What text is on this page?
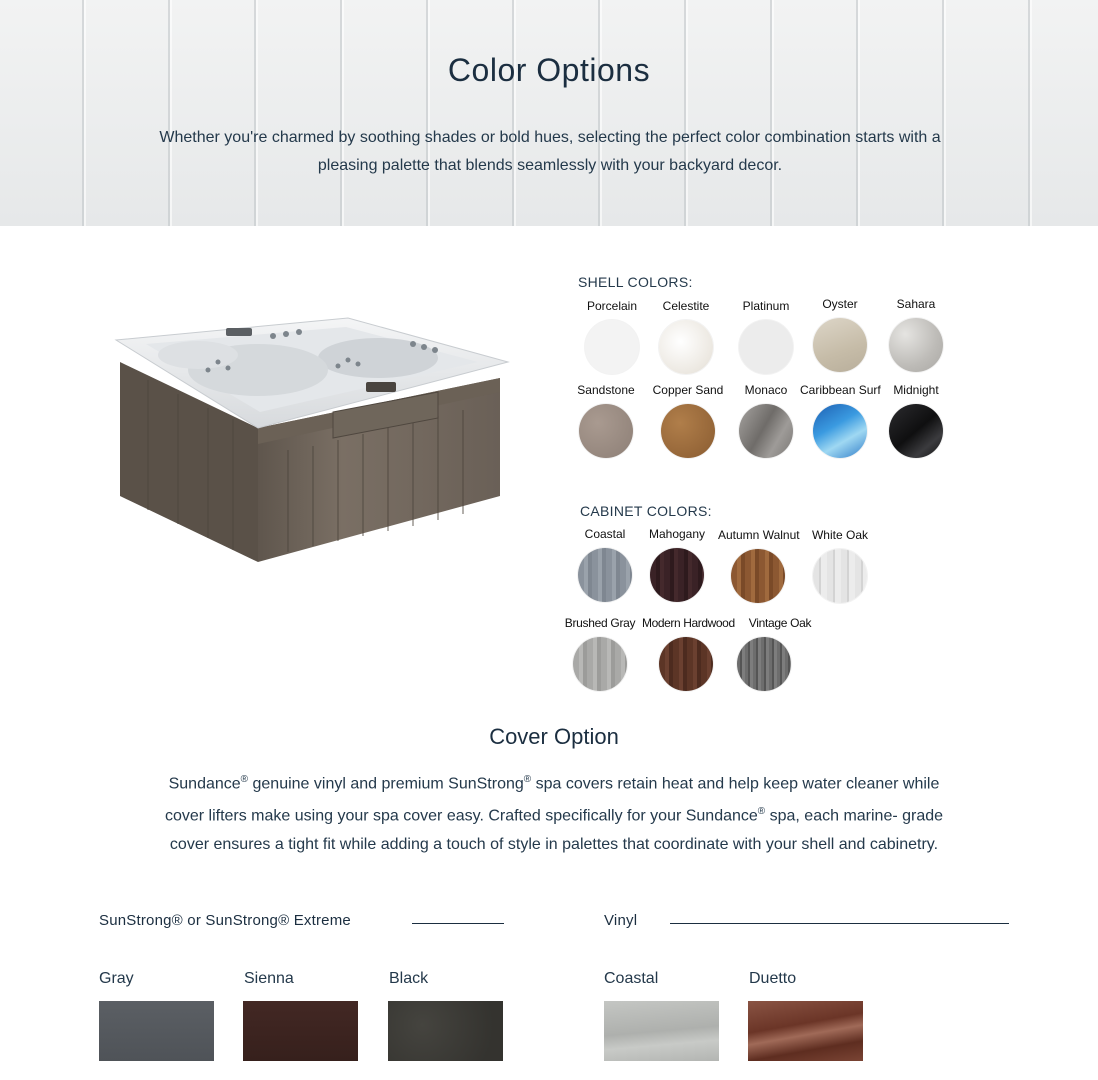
Color Options
Whether you're charmed by soothing shades or bold hues, selecting the perfect color combination starts with a pleasing palette that blends seamlessly with your backyard decor.
SHELL COLORS:
Porcelain	Celestite	Platinum	Oyster	Sahara
Sandstone	Copper Sand	Monaco	Caribbean Surf	Midnight
CABINET COLORS:
Coastal	Mahogany	Autumn Walnut	White Oak
Brushed Gray Modern Hardwood	Vintage Oak
Cover Option
Sundance® genuine vinyl and premium SunStrong® spa covers retain heat and help keep water cleaner while cover lifters make using your spa cover easy. Crafted specifically for your Sundance® spa, each marine- grade cover ensures a tight fit while adding a touch of style in palettes that coordinate with your shell and cabinetry.
SunStrong® or SunStrong® Extreme
Gray	Sienna	Black
Vinyl
Coastal	Duetto
